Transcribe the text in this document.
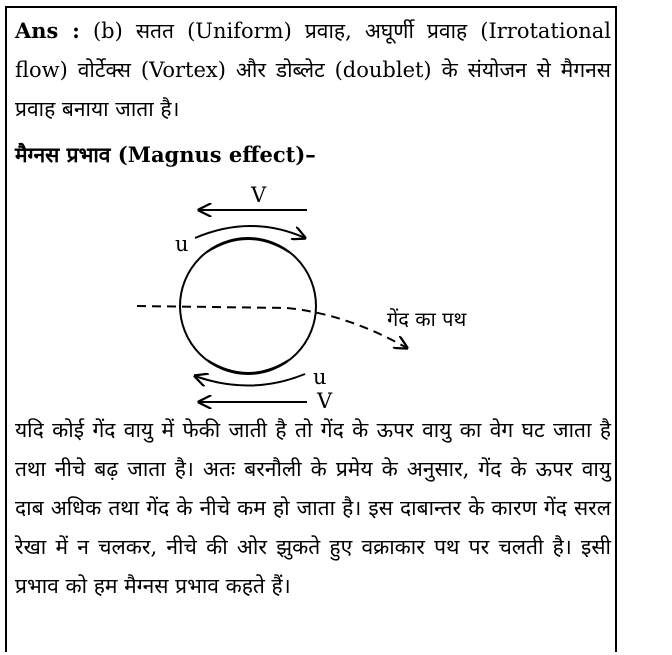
Ans : (b) सतत (Uniform) प्रवाह, अघूर्णी प्रवाह (Irrotational flow) वोर्टेक्स (Vortex) और डोब्लेट (doublet) के संयोजन से मैगनस प्रवाह बनाया जाता है।
मैग्नस प्रभाव (Magnus effect)–
V
u
गेंद का पथ
u
V
यदि कोई गेंद वायु में फेकी जाती है तो गेंद के ऊपर वायु का वेग घट जाता है तथा नीचे बढ़ जाता है। अतः बरनौली के प्रमेय के अनुसार, गेंद के ऊपर वायु दाब अधिक तथा गेंद के नीचे कम हो जाता है। इस दाबान्तर के कारण गेंद सरल रेखा में न चलकर, नीचे की ओर झुकते हुए वक्राकार पथ पर चलती है। इसी प्रभाव को हम मैग्नस प्रभाव कहते हैं।
